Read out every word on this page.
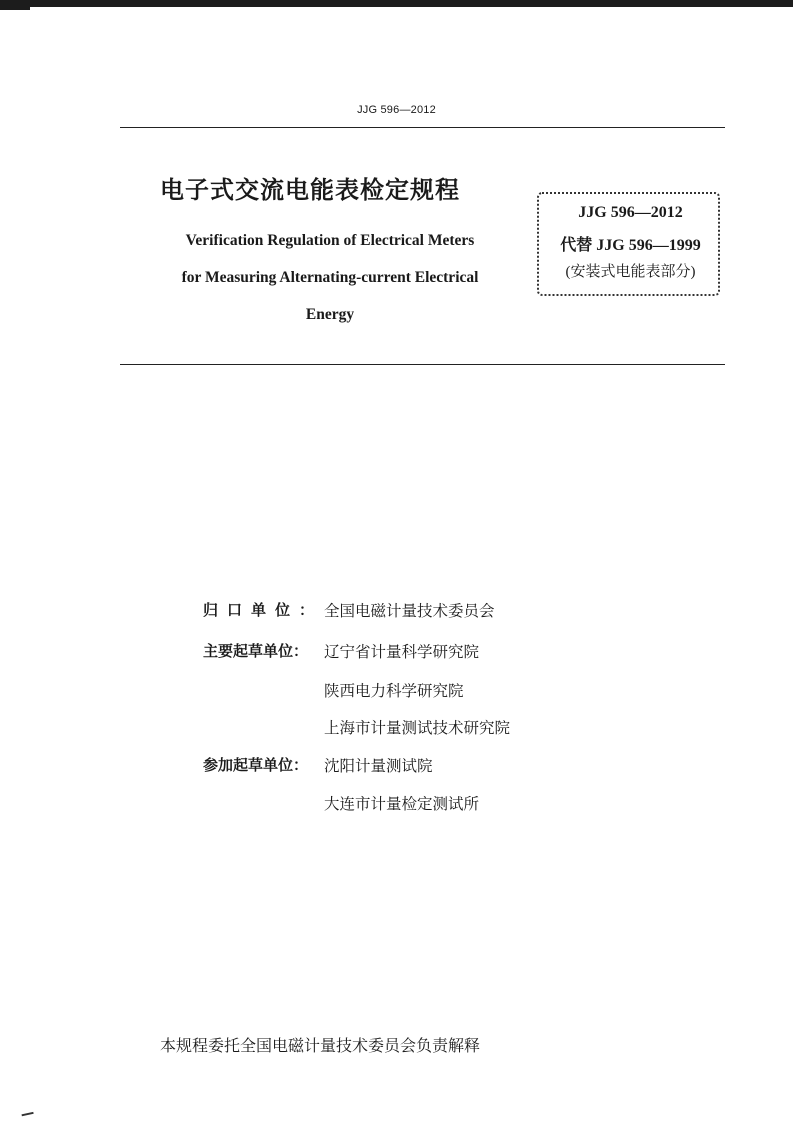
JJG 596—2012
电子式交流电能表检定规程
Verification Regulation of Electrical Meters
for Measuring Alternating-current Electrical
Energy
JJG 596—2012
代替 JJG 596—1999
(安装式电能表部分)
归口单位： 全国电磁计量技术委员会
主要起草单位：	辽宁省计量科学研究院
陕西电力科学研究院
上海市计量测试技术研究院
参加起草单位：	沈阳计量测试院
大连市计量检定测试所
本规程委托全国电磁计量技术委员会负责解释
